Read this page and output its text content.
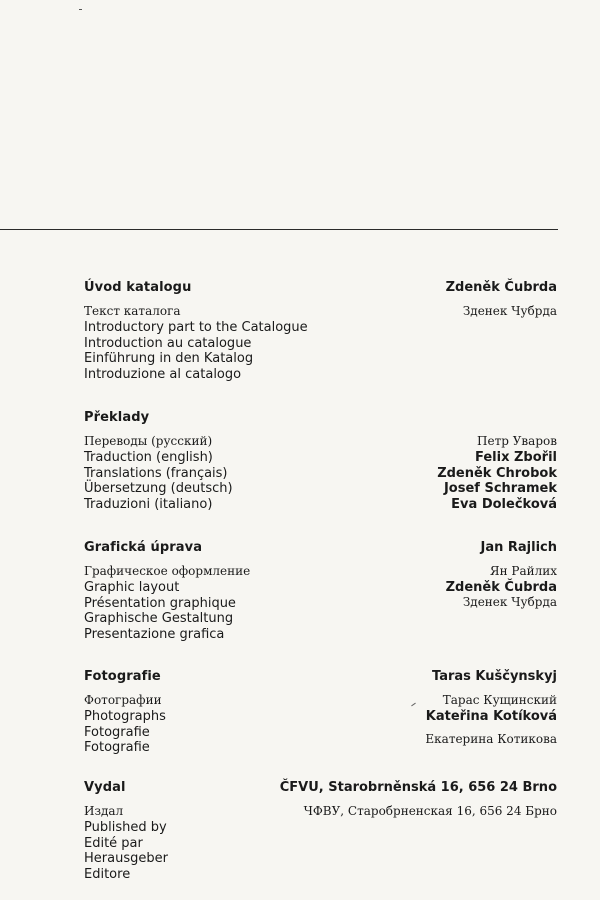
Úvod katalogu
Текст каталога
Introductory part to the Catalogue
Introduction au catalogue
Einführung in den Katalog
Introduzione al catalogo
Zdeněk Čubrda
Зденек Чубрда
Překlady
Переводы (русский)
Traduction (english)
Translations (français)
Übersetzung (deutsch)
Traduzioni (italiano)
Петр Уваров
Felix Zbořil
Zdeněk Chrobok
Josef Schramek
Eva Dolečková
Grafická úprava
Графическое оформление
Graphic layout
Présentation graphique
Graphische Gestaltung
Presentazione grafica
Jan Rajlich
Ян Райлих
Zdeněk Čubrda
Зденек Чубрда
Fotografie
Фотографии
Photographs
Fotografie
Fotografie
Taras Kuščynskyj
Тарас Кущинский
Kateřina Kotíková
Екатерина Котикова
Vydal
Издал
Published by
Edité par
Herausgeber
Editore
ČFVU, Starobrněnská 16, 656 24 Brno
ЧФВУ, Старобрненская 16, 656 24 Брно
